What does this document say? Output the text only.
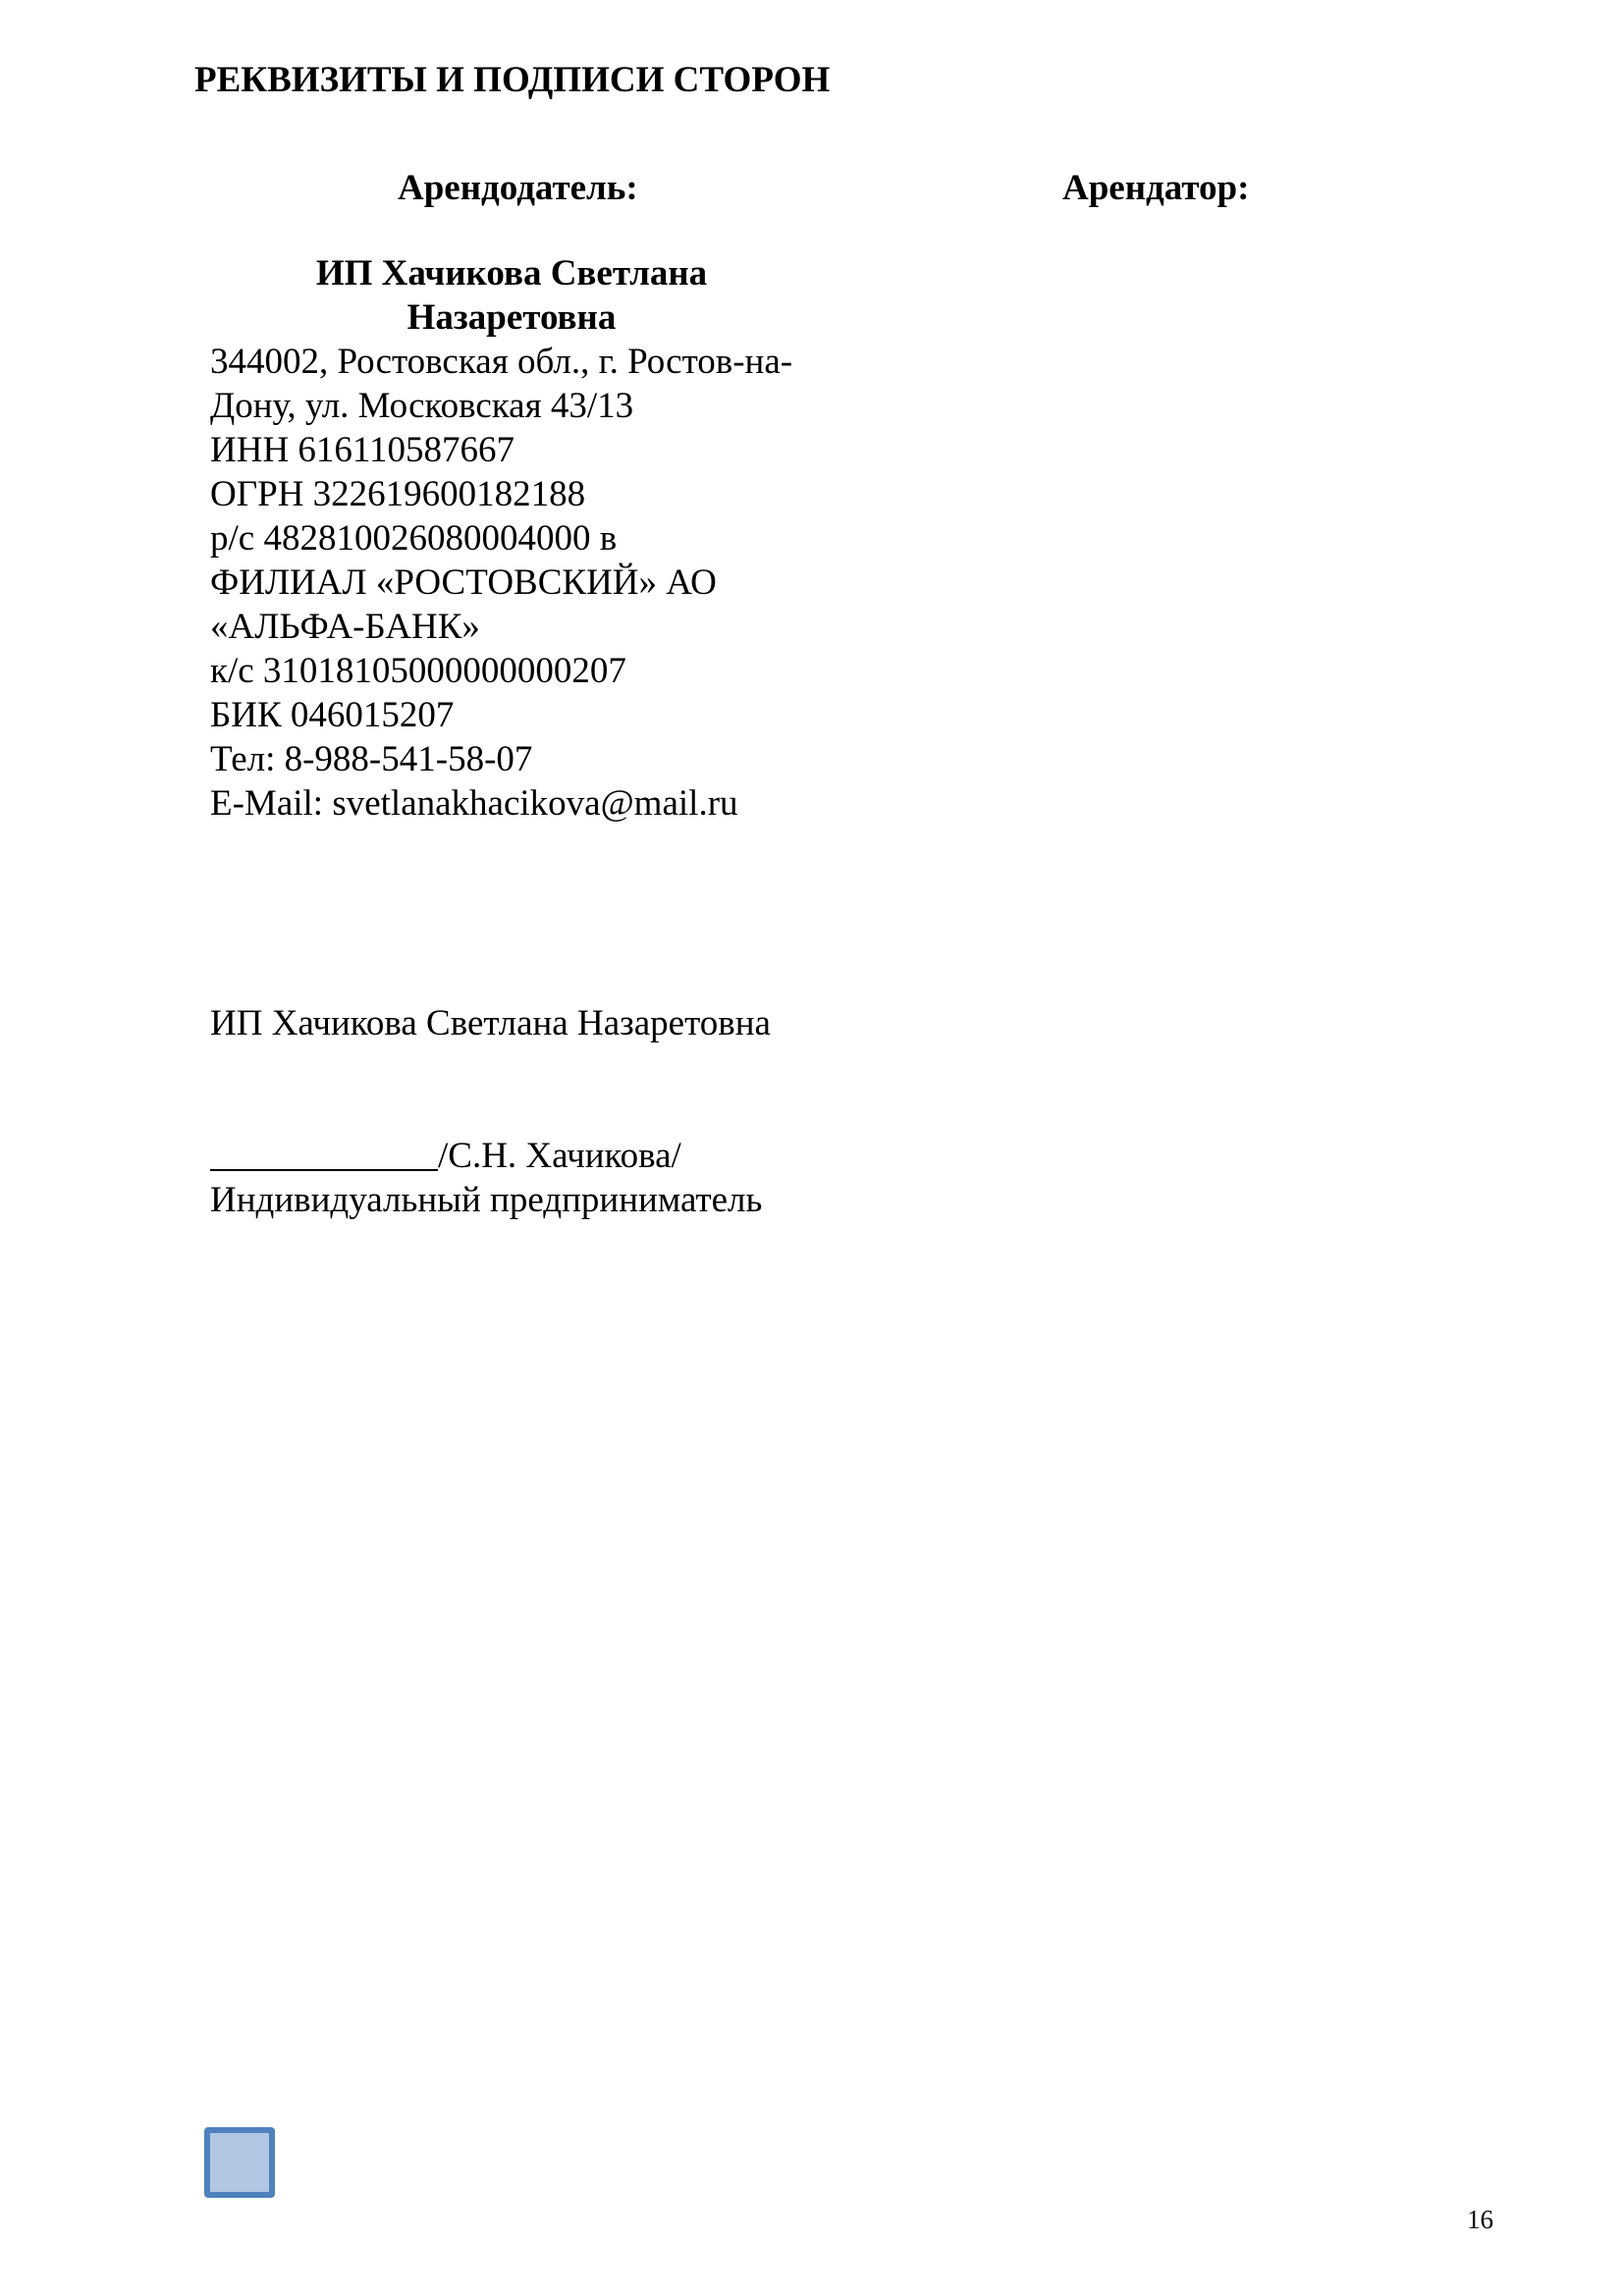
РЕКВИЗИТЫ И ПОДПИСИ СТОРОН
Арендодатель:	Арендатор:
ИП Хачикова Светлана
Назаретовна
344002, Ростовская обл., г. Ростов-на-
Дону, ул. Московская 43/13
ИНН 616110587667
ОГРН 322619600182188
р/с 482810026080004000 в
ФИЛИАЛ «РОСТОВСКИЙ» АО
«АЛЬФА-БАНК»
к/с 31018105000000000207
БИК 046015207
Тел: 8-988-541-58-07
E-Mail: svetlanakhacikova@mail.ru
ИП Хачикова Светлана Назаретовна
/С.Н. Хачикова/
Индивидуальный предприниматель
16
